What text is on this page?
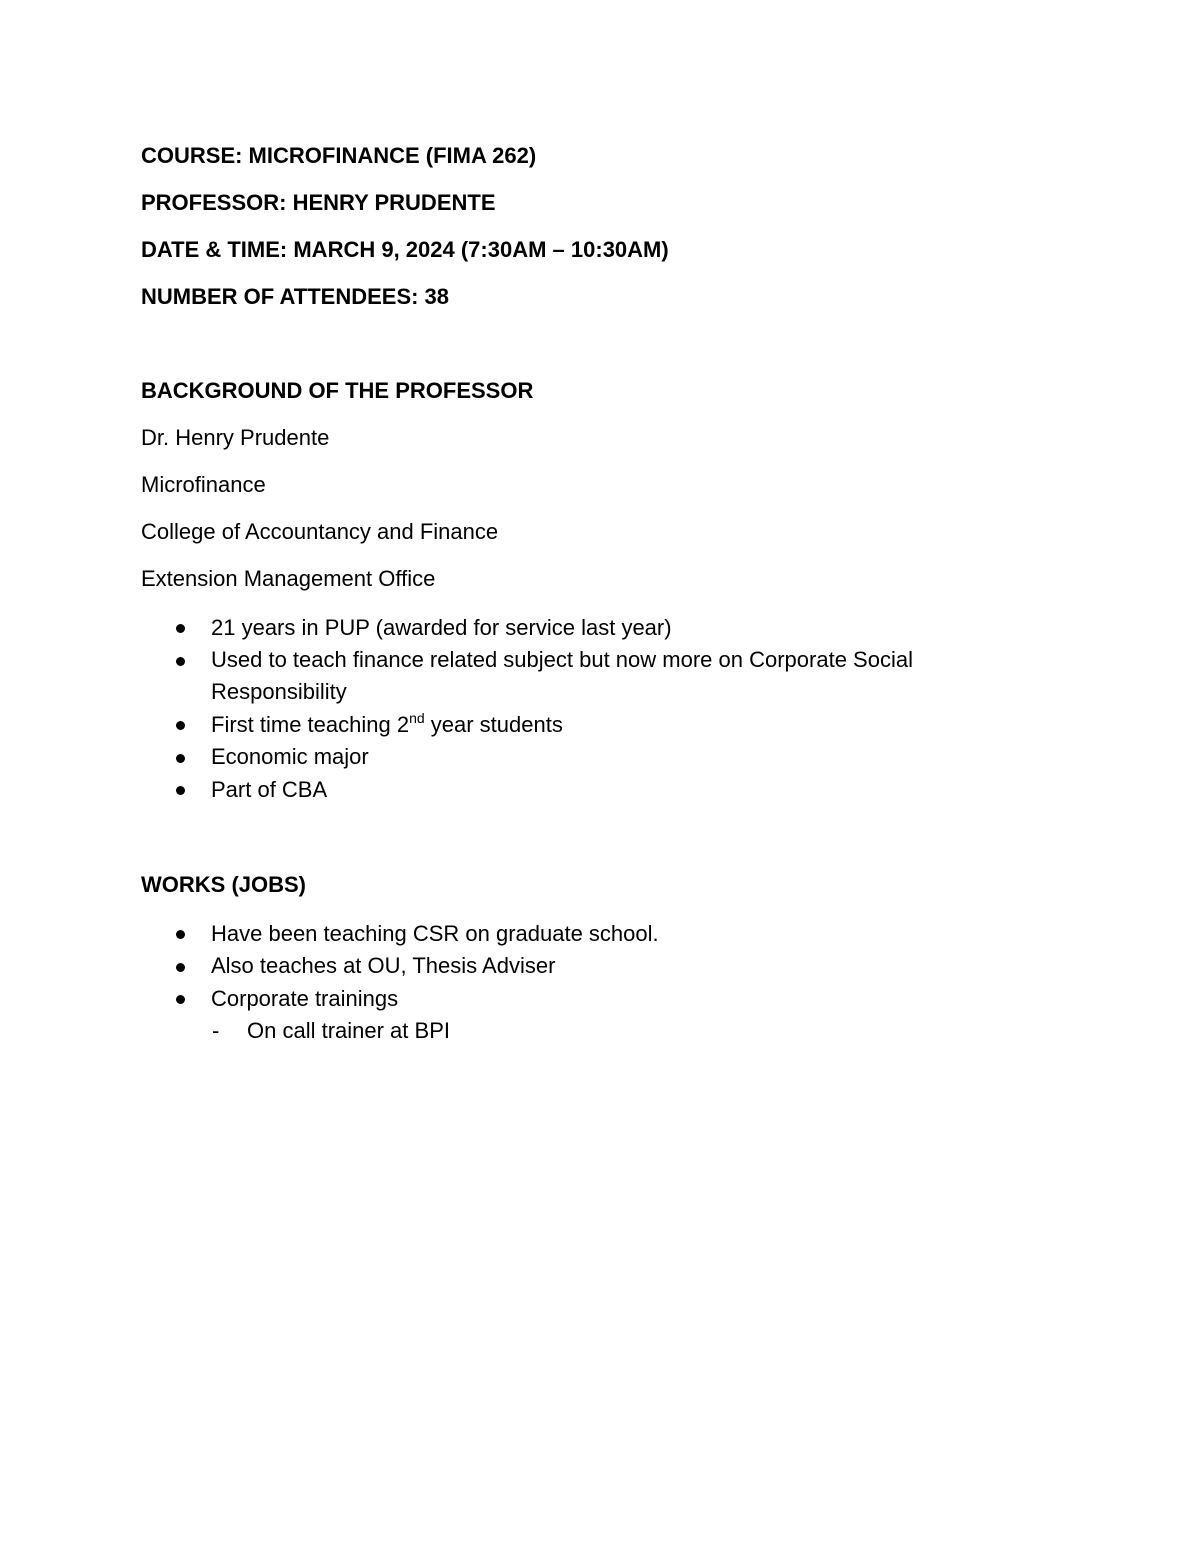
COURSE: MICROFINANCE (FIMA 262)
PROFESSOR: HENRY PRUDENTE
DATE & TIME: MARCH 9, 2024 (7:30AM – 10:30AM)
NUMBER OF ATTENDEES: 38
BACKGROUND OF THE PROFESSOR
Dr. Henry Prudente
Microfinance
College of Accountancy and Finance
Extension Management Office
21 years in PUP (awarded for service last year)
Used to teach finance related subject but now more on Corporate Social Responsibility
First time teaching 2nd year students
Economic major
Part of CBA
WORKS (JOBS)
Have been teaching CSR on graduate school.
Also teaches at OU, Thesis Adviser
Corporate trainings
- On call trainer at BPI
